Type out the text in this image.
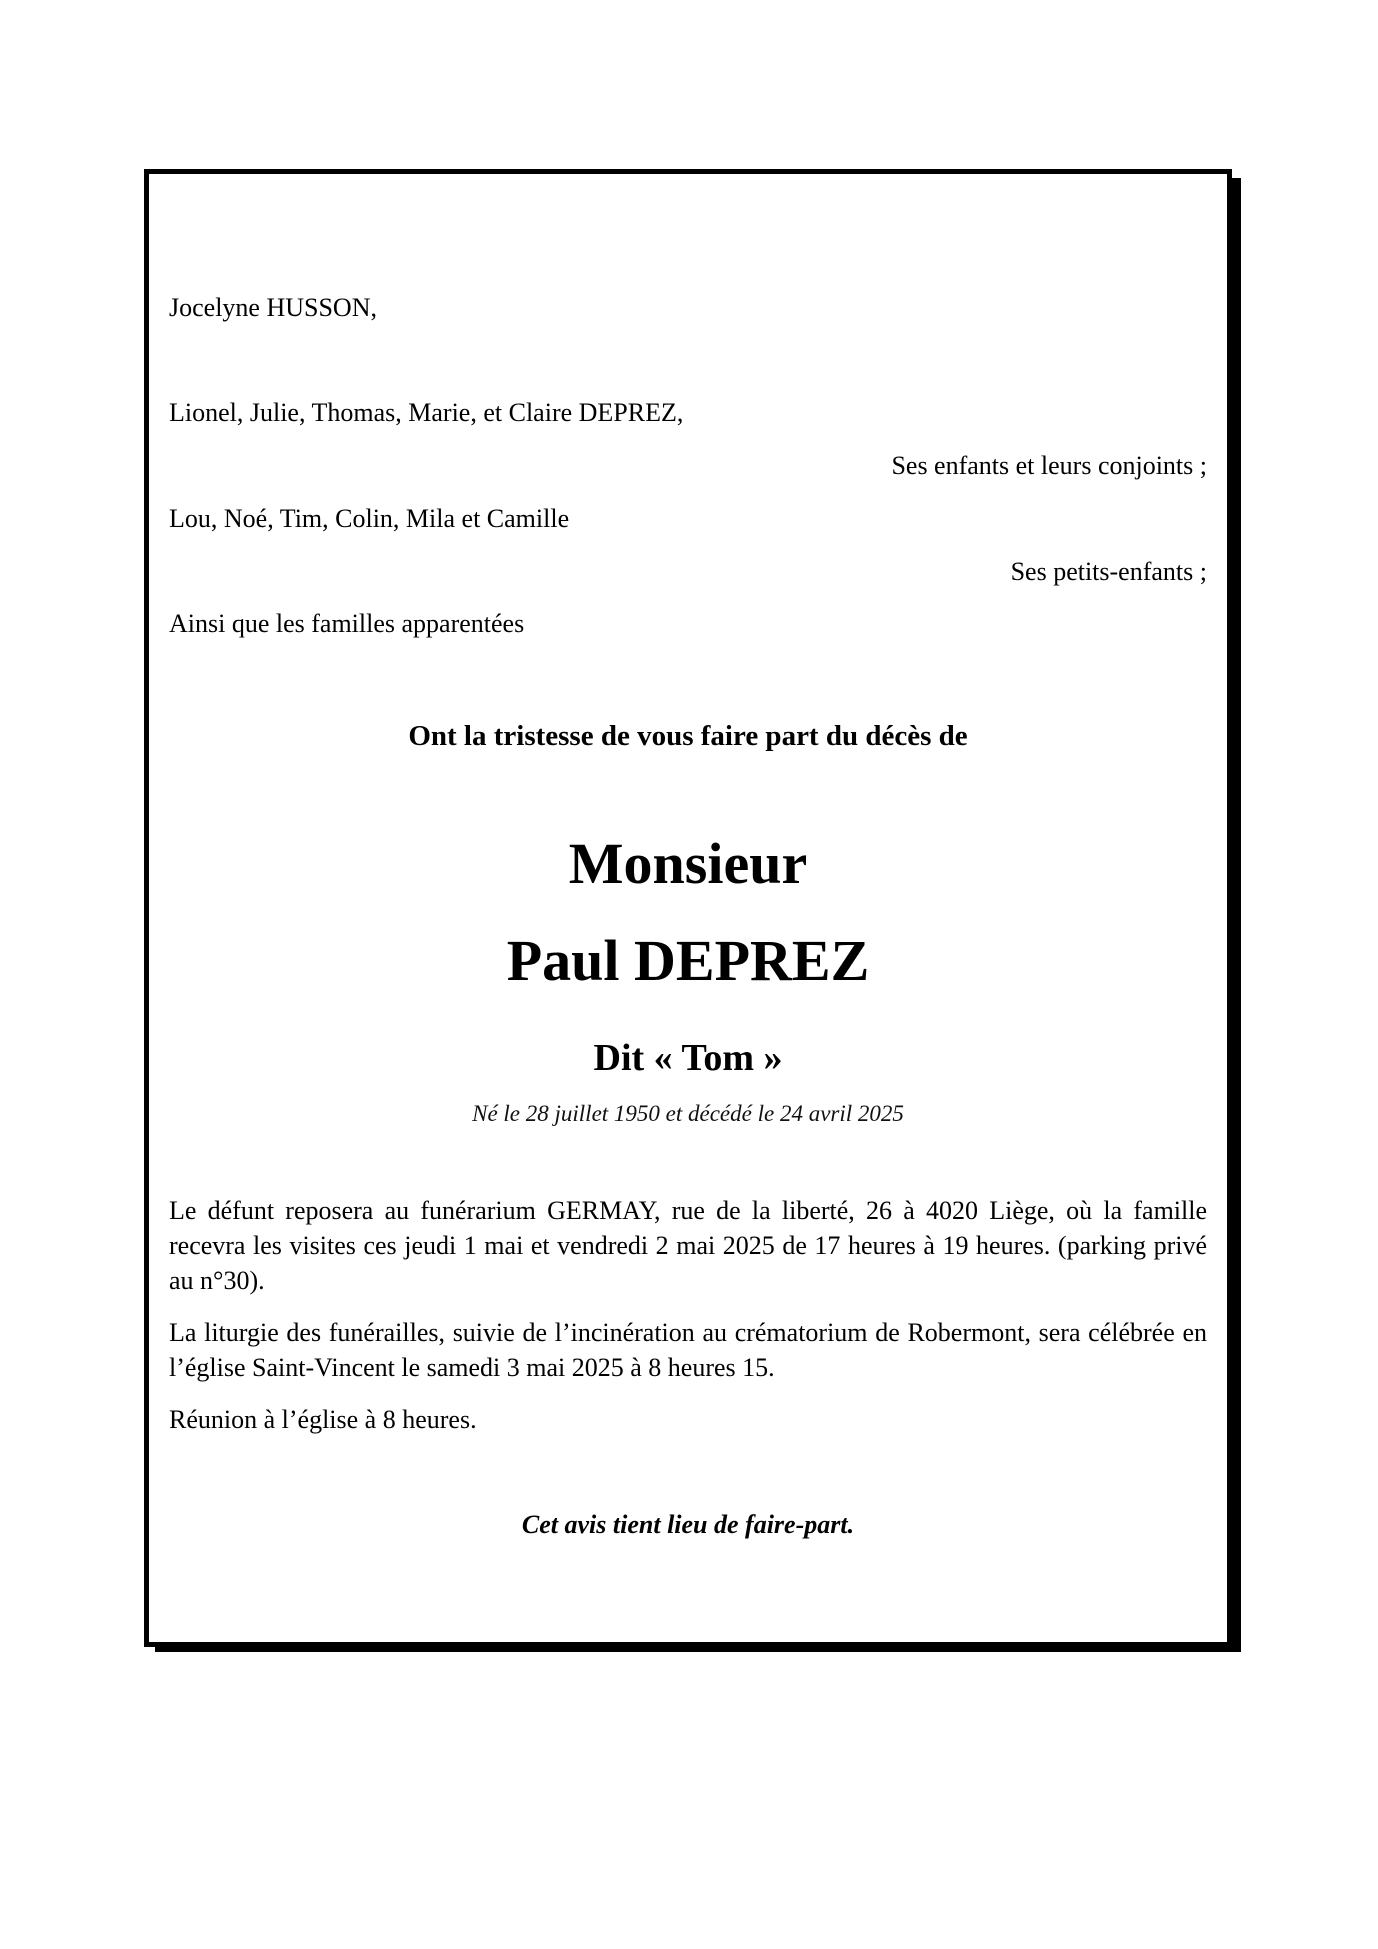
Jocelyne HUSSON,
Lionel, Julie, Thomas, Marie, et Claire DEPREZ,
Ses enfants et leurs conjoints ;
Lou, Noé, Tim, Colin, Mila et Camille
Ses petits-enfants ;
Ainsi que les familles apparentées
Ont la tristesse de vous faire part du décès de
Monsieur
Paul DEPREZ
Dit « Tom »
Né le 28 juillet 1950 et décédé le 24 avril 2025
Le défunt reposera au funérarium GERMAY, rue de la liberté, 26 à 4020 Liège, où la famille recevra les visites ces jeudi 1 mai et vendredi 2 mai 2025 de 17 heures à 19 heures. (parking privé au n°30).
La liturgie des funérailles, suivie de l’incinération au crématorium de Robermont, sera célébrée en l’église Saint-Vincent le samedi 3 mai 2025 à 8 heures 15.
Réunion à l’église à 8 heures.
Cet avis tient lieu de faire-part.
